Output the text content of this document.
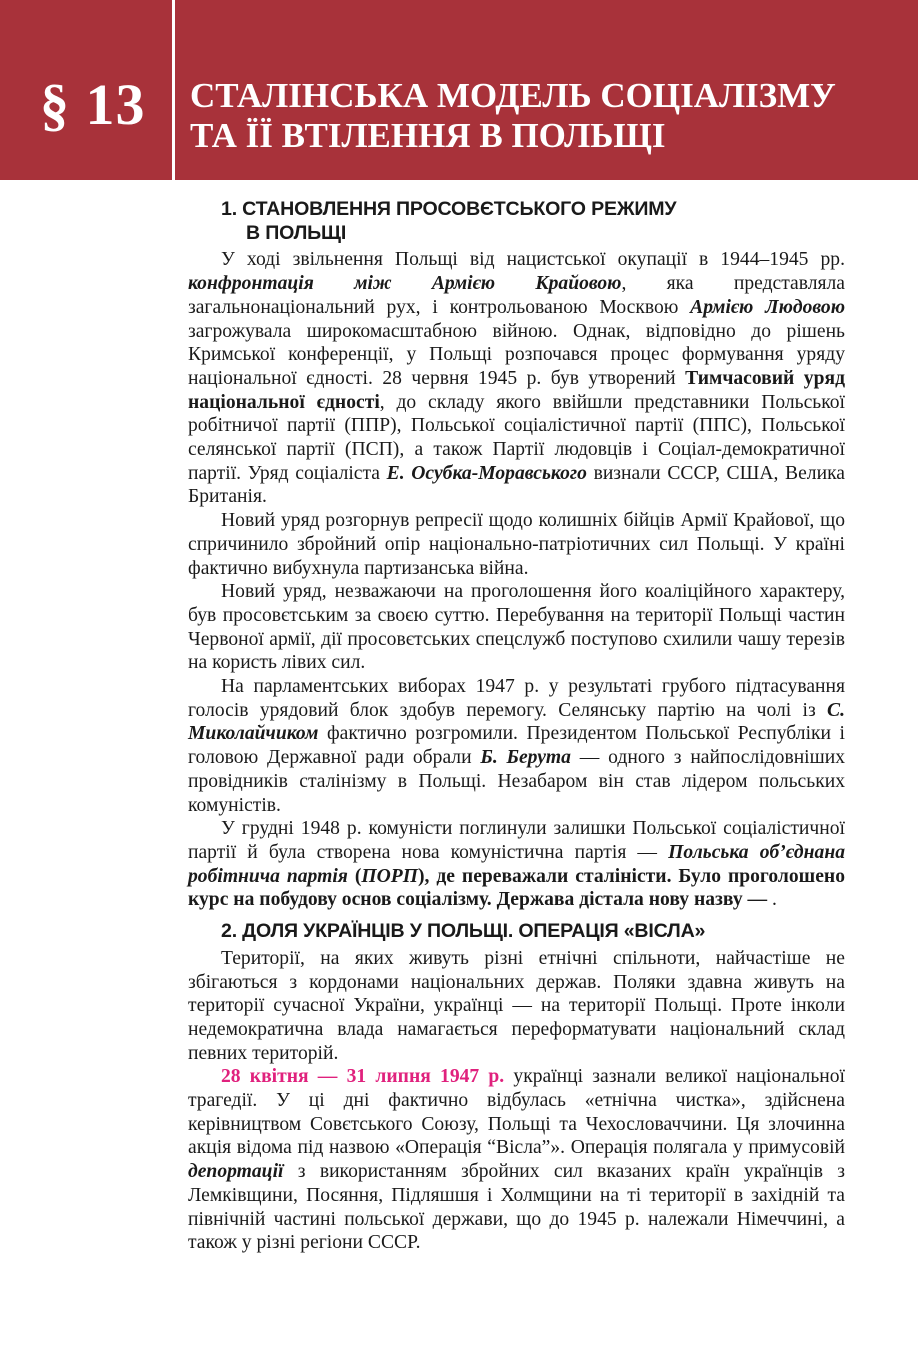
§ 13 СТАЛІНСЬКА МОДЕЛЬ СОЦІАЛІЗМУ
ТА ЇЇ ВТІЛЕННЯ В ПОЛЬЩІ
1. СТАНОВЛЕННЯ ПРОСОВЄТСЬКОГО РЕЖИМУ
В ПОЛЬЩІ

У ході звільнення Польщі від нацистської окупації в 1944–1945 рр. конфронтація між Армією Крайовою, яка представляла загальнонаціональний рух, і контрольованою Москвою Армією Людовою загрожувала широкомасштабною війною. Однак, відповідно до рішень Кримської конференції, у Польщі розпочався процес формування уряду національної єдності. 28 червня 1945 р. був утворений Тимчасовий уряд національної єдності, до складу якого ввійшли представники Польської робітничої партії (ППР), Польської соціалістичної партії (ППС), Польської селянської партії (ПСП), а також Партії людовців і Соціал-демократичної партії. Уряд соціаліста Е. Осубка-Моравського визнали СССР, США, Велика Британія.

Новий уряд розгорнув репресії щодо колишніх бійців Армії Крайової, що спричинило збройний опір національно-патріотичних сил Польщі. У країні фактично вибухнула партизанська війна.

Новий уряд, незважаючи на проголошення його коаліційного характеру, був просовєтським за своєю суттю. Перебування на території Польщі частин Червоної армії, дії просовєтських спецслужб поступово схилили чашу терезів на користь лівих сил.

На парламентських виборах 1947 р. у результаті грубого підтасування голосів урядовий блок здобув перемогу. Селянську партію на чолі із С. Миколайчиком фактично розгромили. Президентом Польської Республіки і головою Державної ради обрали Б. Берута — одного з найпослідовніших провідників сталінізму в Польщі. Незабаром він став лідером польських комуністів.

У грудні 1948 р. комуністи поглинули залишки Польської соціалістичної партії й була створена нова комуністична партія — Польська об’єднана робітнича партія (ПОРП), де переважали сталіністи. Було проголошено курс на побудову основ соціалізму. Держава дістала нову назву — .

2. ДОЛЯ УКРАЇНЦІВ У ПОЛЬЩІ. ОПЕРАЦІЯ «ВІСЛА»

Території, на яких живуть різні етнічні спільноти, найчастіше не збігаються з кордонами національних держав. Поляки здавна живуть на території сучасної України, українці — на території Польщі. Проте інколи недемократична влада намагається переформатувати національний склад певних територій.

28 квітня — 31 липня 1947 р. українці зазнали великої національної трагедії. У ці дні фактично відбулась «етнічна чистка», здійснена керівництвом Совєтського Союзу, Польщі та Чехословаччини. Ця злочинна акція відома під назвою «Операція “Вісла”». Операція полягала у примусовій депортації з використанням збройних сил вказаних країн українців з Лемківщини, Посяння, Підляшшя і Холмщини на ті території в західній та північній частині польської держави, що до 1945 р. належали Німеччині, а також у різні регіони СССР.
